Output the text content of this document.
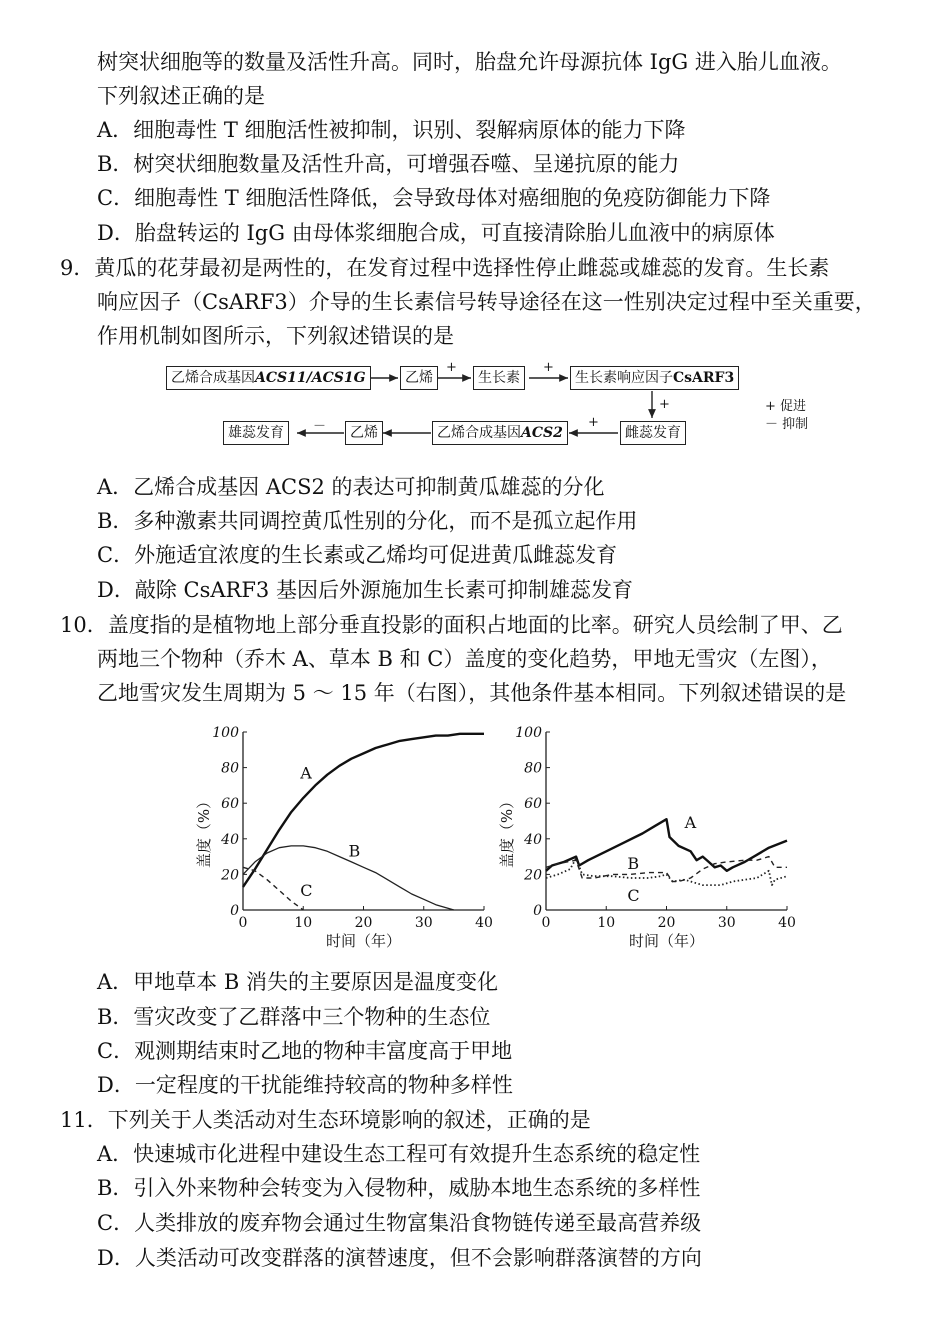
树突状细胞等的数量及活性升高。同时，胎盘允许母源抗体 IgG 进入胎儿血液。
下列叙述正确的是
A．细胞毒性 T 细胞活性被抑制，识别、裂解病原体的能力下降
B．树突状细胞数量及活性升高，可增强吞噬、呈递抗原的能力
C．细胞毒性 T 细胞活性降低，会导致母体对癌细胞的免疫防御能力下降
D．胎盘转运的 IgG 由母体浆细胞合成，可直接清除胎儿血液中的病原体
9．黄瓜的花芽最初是两性的，在发育过程中选择性停止雌蕊或雄蕊的发育。生长素
响应因子（CsARF3）介导的生长素信号转导途径在这一性别决定过程中至关重要，
作用机制如图所示，下列叙述错误的是
乙烯合成基因ACS11/ACS1G	乙烯	生长素	生长素响应因子CsARF3
雌蕊发育
乙烯合成基因ACS2
乙烯
雄蕊发育
+	+
+
+
－
+ 促进
－ 抑制
A．乙烯合成基因 ACS2 的表达可抑制黄瓜雄蕊的分化
B．多种激素共同调控黄瓜性别的分化，而不是孤立起作用
C．外施适宜浓度的生长素或乙烯均可促进黄瓜雌蕊发育
D．敲除 CsARF3 基因后外源施加生长素可抑制雄蕊发育
10．盖度指的是植物地上部分垂直投影的面积占地面的比率。研究人员绘制了甲、乙
两地三个物种（乔木 A、草本 B 和 C）盖度的变化趋势，甲地无雪灾（左图），
乙地雪灾发生周期为 5 ～ 15 年（右图），其他条件基本相同。下列叙述错误的是
0	10	20	30	40
0
20
40
60
80
100
时间（年）
盖度（%）
A
B
C
0	10	20	30	40
0
20
40
60
80
100
时间（年）
盖度（%）	A
B
C
A．甲地草本 B 消失的主要原因是温度变化
B．雪灾改变了乙群落中三个物种的生态位
C．观测期结束时乙地的物种丰富度高于甲地
D．一定程度的干扰能维持较高的物种多样性
11．下列关于人类活动对生态环境影响的叙述，正确的是
A．快速城市化进程中建设生态工程可有效提升生态系统的稳定性
B．引入外来物种会转变为入侵物种，威胁本地生态系统的多样性
C．人类排放的废弃物会通过生物富集沿食物链传递至最高营养级
D．人类活动可改变群落的演替速度，但不会影响群落演替的方向
